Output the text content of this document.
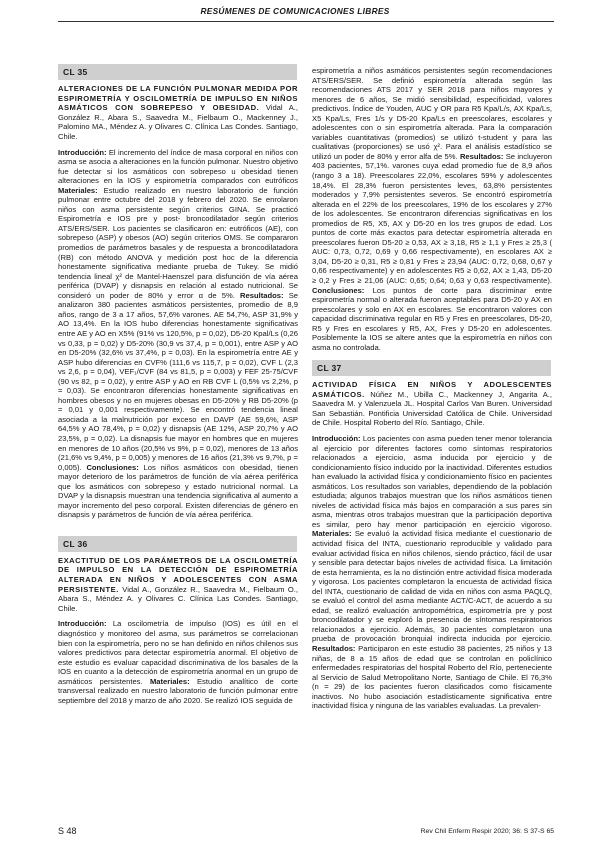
RESÚMENES DE COMUNICACIONES LIBRES
CL 35

ALTERACIONES DE LA FUNCIÓN PULMONAR MEDIDA POR ESPIROMETRÍA Y OSCILOMETRÍA DE IMPULSO EN NIÑOS ASMÁTICOS CON SOBREPESO Y OBESIDAD. Vidal A., González R., Abara S., Saavedra M., Fielbaum O., Mackenney J., Palomino MA., Méndez A. y Olivares C. Clínica Las Condes. Santiago, Chile.

Introducción: El incremento del índice de masa corporal en niños con asma se asocia a alteraciones en la función pulmonar. Nuestro objetivo fue detectar si los asmáticos con sobrepeso u obesidad tienen alteraciones en la IOS y espirometría comparados con eutróficos Materiales: Estudio realizado en nuestro laboratorio de función pulmonar entre octubre del 2018 y febrero del 2020. Se enrolaron niños con asma persistente según criterios GINA. Se practicó Espirometría e IOS pre y post- broncodilatador según criterios ATS/ERS/SER. Los pacientes se clasificaron en: eutróficos (AE), con sobrepeso (ASP) y obesos (AO) según criterios OMS. Se compararon promedios de parámetros basales y de respuesta a broncodilatadora (RB) con método ANOVA y medición post hoc de la diferencia honestamente significativa mediante prueba de Tukey. Se midió tendencia lineal χ² de Mantel-Haenszel para disfunción de vía aérea periférica (DVAP) y disnapsis en relación al estado nutricional. Se consideró un poder de 80% y error α de 5%. Resultados: Se analizaron 380 pacientes asmáticos persistentes, promedio de 8,9 años, rango de 3 a 17 años, 57,6% varones. AE 54,7%, ASP 31,9% y AO 13,4%. En la IOS hubo diferencias honestamente significativas entre AE y AO en X5% (91% vs 120,5%, p = 0,02), D5-20 Kpal/Ls (0,26 vs 0,33, p = 0,02) y D5-20% (30,9 vs 37,4, p = 0,001), entre ASP y AO en D5-20% (32,6% vs 37,4%, p = 0,03). En la espirometría entre AE y ASP hubo diferencias en CVF% (111,6 vs 115,7, p = 0,02), CVF L (2,3 vs 2,6, p = 0,04), VEF₁/CVF (84 vs 81,5, p = 0,003) y FEF 25-75/CVF (90 vs 82, p = 0,02), y entre ASP y AO en RB CVF L (0,5% vs 2,2%, p = 0,03). Se encontraron diferencias honestamente significativas en hombres obesos y no en mujeres obesas en D5-20% y RB D5-20% (p = 0,01 y 0,001 respectivamente). Se encontró tendencia lineal asociada a la malnutrición por exceso en DAVP (AE 59,6%, ASP 64,5% y AO 78,4%, p = 0,02) y disnapsis (AE 12%, ASP 20,7% y AO 23,5%, p = 0,02). La disnapsis fue mayor en hombres que en mujeres en menores de 10 años (20,5% vs 9%, p = 0,02), menores de 13 años (21,6% vs 9,4%, p = 0,005) y menores de 16 años (21,3% vs 9,7%, p = 0,005). Conclusiones: Los niños asmáticos con obesidad, tienen mayor deterioro de los parámetros de función de vía aérea periférica que los asmáticos con sobrepeso y estado nutricional normal. La DVAP y la disnapsis muestran una tendencia significativa al aumento a mayor incremento del peso corporal. Existen diferencias de género en disnapsis y parámetros de función de vía aérea periférica.

CL 36

EXACTITUD DE LOS PARÁMETROS DE LA OSCILOMETRÍA DE IMPULSO EN LA DETECCIÓN DE ESPIROMETRÍA ALTERADA EN NIÑOS Y ADOLESCENTES CON ASMA PERSISTENTE. Vidal A., González R., Saavedra M., Fielbaum O., Abara S., Méndez A. y Olivares C. Clínica Las Condes. Santiago, Chile.

Introducción: La oscilometría de impulso (IOS) es útil en el diagnóstico y monitoreo del asma, sus parámetros se correlacionan bien con la espirometría, pero no se han definido en niños chilenos sus valores predictivos para detectar espirometría anormal. El objetivo de este estudio es evaluar capacidad discriminativa de los basales de la IOS en cuanto a la detección de espirometría anormal en un grupo de asmáticos persistentes. Materiales: Estudio analítico de corte transversal realizado en nuestro laboratorio de función pulmonar entre septiembre del 2018 y marzo de año 2020. Se realizó IOS seguida de

espirometría a niños asmáticos persistentes según recomendaciones ATS/ERS/SER. Se definió espirometría alterada según las recomendaciones ATS 2017 y SER 2018 para niños mayores y menores de 6 años, Se midió sensibilidad, especificidad, valores predictivos. Índice de Youden, AUC y OR para R5 Kpa/L/s, AX Kpa/Ls, X5 Kpa/Ls, Fres 1/s y D5-20 Kpa/Ls en preescolares, escolares y adolescentes con o sin espirometría alterada. Para la comparación variables cuantitativas (promedios) se utilizó t-student y para las cualitativas (proporciones) se usó χ². Para el análisis estadístico se utilizó un poder de 80% y error alfa de 5%. Resultados: Se incluyeron 403 pacientes, 57,1%. varones cuya edad promedio fue de 8,9 años (rango 3 a 18). Preescolares 22,0%, escolares 59% y adolescentes 18,4%. El 28,3% fueron persistentes leves, 63,8% persistentes moderados y 7,9% persistentes severos. Se encontró espirometría alterada en el 22% de los preescolares, 19% de los escolares y 27% de los adolescentes. Se encontraron diferencias significativas en los promedios de R5, X5, AX y D5-20 en los tres grupos de edad. Los puntos de corte más exactos para detectar espirometría alterada en preescolares fueron D5-20 ≥ 0,53, AX ≥ 3,18, R5 ≥ 1,1 y Fres ≥ 25,3 ( AUC: 0,73, 0,72, 0,69 y 0,66 respectivamente), en escolares AX ≥ 3,04, D5-20 ≥ 0,31, R5 ≥ 0,81 y Fres ≥ 23,94 (AUC: 0,72, 0,68, 0,67 y 0,66 respectivamente) y en adolescentes R5 ≥ 0,62, AX ≥ 1,43, D5-20 ≥ 0,2 y Fres ≥ 21,06 (AUC: 0,65; 0,64; 0,63 y 0,63 respectivamente). Conclusiones: Los puntos de corte para discriminar entre espirometría normal o alterada fueron aceptables para D5-20 y AX en preescolares y solo en AX en escolares. Se encontraron valores con capacidad discriminativa regular en R5 y Fres en preescolares, D5-20, R5 y Fres en escolares y R5, AX, Fres y D5-20 en adolescentes. Posiblemente la IOS se altere antes que la espirometría en niños con asma no controlada.

CL 37

ACTIVIDAD FÍSICA EN NIÑOS Y ADOLESCENTES ASMÁTICOS. Núñez M., Ubilla C., Mackenney J, Angarita A., Saavedra M. y Valenzuela JL. Hospital Carlos Van Buren. Universidad San Sebastián. Pontificia Universidad Católica de Chile. Universidad de Chile. Hospital Roberto del Río. Santiago, Chile.

Introducción: Los pacientes con asma pueden tener menor tolerancia al ejercicio por diferentes factores como síntomas respiratorios relacionados a ejercicio, asma inducida por ejercicio y de condicionamiento físico inducido por la inactividad. Diferentes estudios han evaluado la actividad física y condicionamiento físico en pacientes asmáticos. Los resultados son variables, dependiendo de la población estudiada; algunos trabajos muestran que los niños asmáticos tienen niveles de actividad física más bajos en comparación a sus pares sin asma, mientras otros trabajos muestran que la participación deportiva es similar, pero hay menor participación en ejercicio vigoroso. Materiales: Se evaluó la actividad física mediante el cuestionario de actividad física del INTA, cuestionario reproducible y validado para evaluar actividad física en niños chilenos, siendo práctico, fácil de usar y sensible para detectar bajos niveles de actividad física. La limitación de esta herramienta, es la no distinción entre actividad física moderada y vigorosa. Los pacientes completaron la encuesta de actividad física del INTA, cuestionario de calidad de vida en niños con asma PAQLQ, se evaluó el control del asma mediante ACT/C-ACT, de acuerdo a su edad, se realizó evaluación antropométrica, espirometría pre y post broncodilatador y se exploró la presencia de síntomas respiratorios relacionados a ejercicio. Además, 30 pacientes completaron una prueba de provocación bronquial indirecta inducida por ejercicio. Resultados: Participaron en este estudio 38 pacientes, 25 niños y 13 niñas, de 8 a 15 años de edad que se controlan en policlínico enfermedades respiratorias del hospital Roberto del Río, perteneciente al Servicio de Salud Metropolitano Norte, Santiago de Chile. El 76,3% (n = 29) de los pacientes fueron clasificados como físicamente inactivos. No hubo asociación estadísticamente significativa entre inactividad física y ninguna de las variables evaluadas. La prevalen-

S 48	Rev Chil Enferm Respir 2020; 36: S 37-S 65
